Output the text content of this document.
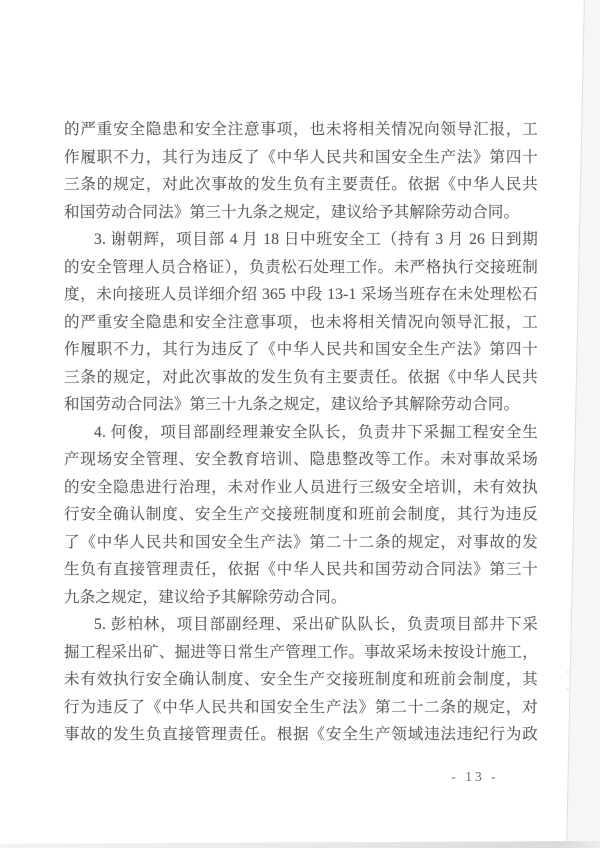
的严重安全隐患和安全注意事项，也未将相关情况向领导汇报，工
作履职不力，其行为违反了《中华人民共和国安全生产法》第四十
三条的规定，对此次事故的发生负有主要责任。依据《中华人民共
和国劳动合同法》第三十九条之规定，建议给予其解除劳动合同。
3. 谢朝辉，项目部 4 月 18 日中班安全工（持有 3 月 26 日到期
的安全管理人员合格证），负责松石处理工作。未严格执行交接班制
度，未向接班人员详细介绍 365 中段 13-1 采场当班存在未处理松石
的严重安全隐患和安全注意事项，也未将相关情况向领导汇报，工
作履职不力，其行为违反了《中华人民共和国安全生产法》第四十
三条的规定，对此次事故的发生负有主要责任。依据《中华人民共
和国劳动合同法》第三十九条之规定，建议给予其解除劳动合同。
4. 何俊，项目部副经理兼安全队长，负责井下采掘工程安全生
产现场安全管理、安全教育培训、隐患整改等工作。未对事故采场
的安全隐患进行治理，未对作业人员进行三级安全培训，未有效执
行安全确认制度、安全生产交接班制度和班前会制度，其行为违反
了《中华人民共和国安全生产法》第二十二条的规定，对事故的发
生负有直接管理责任，依据《中华人民共和国劳动合同法》第三十
九条之规定，建议给予其解除劳动合同。
5. 彭柏林，项目部副经理、采出矿队队长，负责项目部井下采
掘工程采出矿、掘进等日常生产管理工作。事故采场未按设计施工，
未有效执行安全确认制度、安全生产交接班制度和班前会制度，其
行为违反了《中华人民共和国安全生产法》第二十二条的规定，对
事故的发生负直接管理责任。根据《安全生产领域违法违纪行为政
- 13 -
